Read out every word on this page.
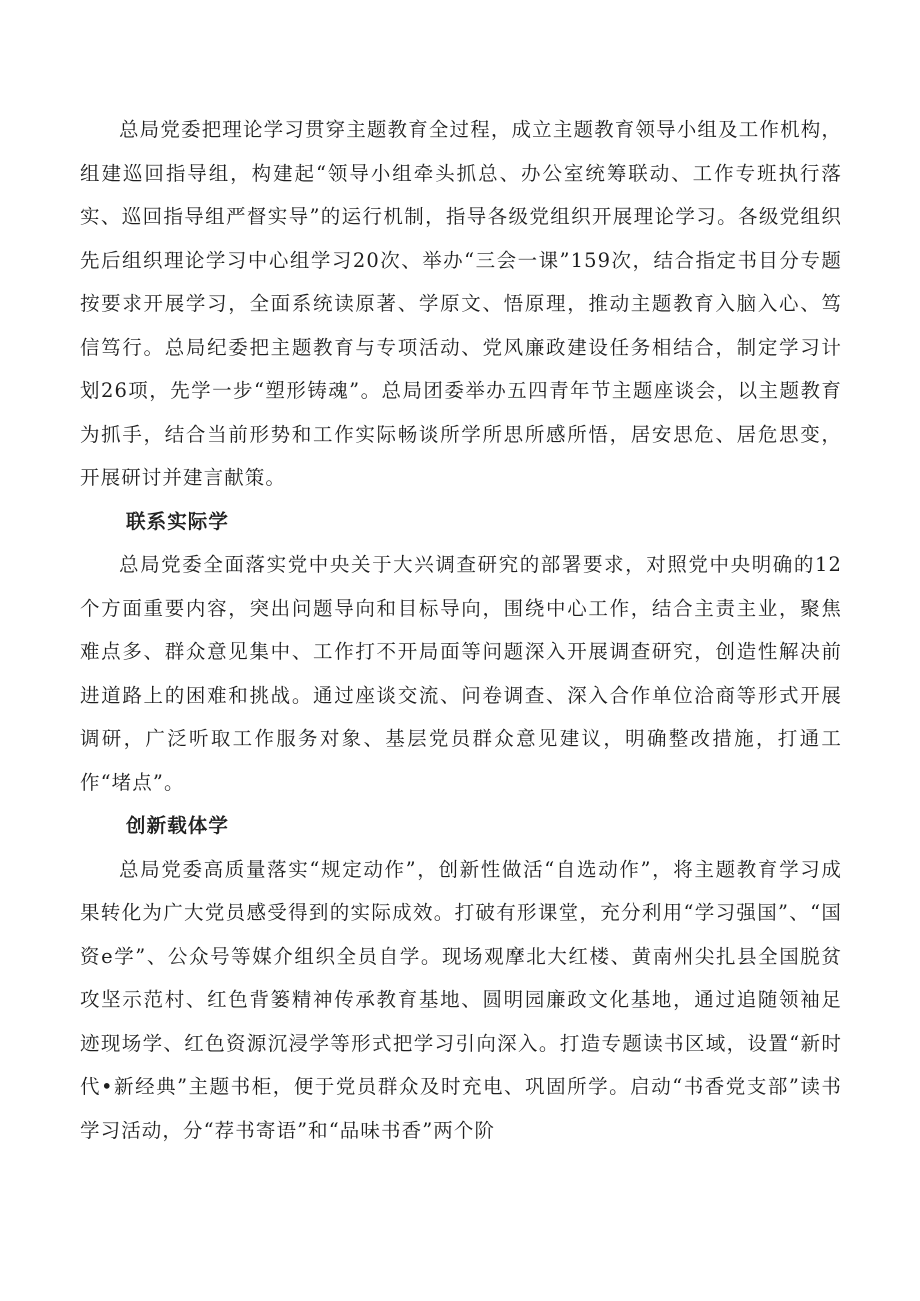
总局党委把理论学习贯穿主题教育全过程，成立主题教育领导小组及工作机构，组建巡回指导组，构建起“领导小组牵头抓总、办公室统筹联动、工作专班执行落实、巡回指导组严督实导”的运行机制，指导各级党组织开展理论学习。各级党组织先后组织理论学习中心组学习20次、举办“三会一课”159次，结合指定书目分专题按要求开展学习，全面系统读原著、学原文、悟原理，推动主题教育入脑入心、笃信笃行。总局纪委把主题教育与专项活动、党风廉政建设任务相结合，制定学习计划26项，先学一步“塑形铸魂”。总局团委举办五四青年节主题座谈会，以主题教育为抓手，结合当前形势和工作实际畅谈所学所思所感所悟，居安思危、居危思变，开展研讨并建言献策。

联系实际学

总局党委全面落实党中央关于大兴调查研究的部署要求，对照党中央明确的12个方面重要内容，突出问题导向和目标导向，围绕中心工作，结合主责主业，聚焦难点多、群众意见集中、工作打不开局面等问题深入开展调查研究，创造性解决前进道路上的困难和挑战。通过座谈交流、问卷调查、深入合作单位洽商等形式开展调研，广泛听取工作服务对象、基层党员群众意见建议，明确整改措施，打通工作“堵点”。

创新载体学

总局党委高质量落实“规定动作”，创新性做活“自选动作”，将主题教育学习成果转化为广大党员感受得到的实际成效。打破有形课堂，充分利用“学习强国”、“国资e学”、公众号等媒介组织全员自学。现场观摩北大红楼、黄南州尖扎县全国脱贫攻坚示范村、红色背篓精神传承教育基地、圆明园廉政文化基地，通过追随领袖足迹现场学、红色资源沉浸学等形式把学习引向深入。打造专题读书区域，设置“新时代•新经典”主题书柜，便于党员群众及时充电、巩固所学。启动“书香党支部”读书学习活动，分“荐书寄语”和“品味书香”两个阶
